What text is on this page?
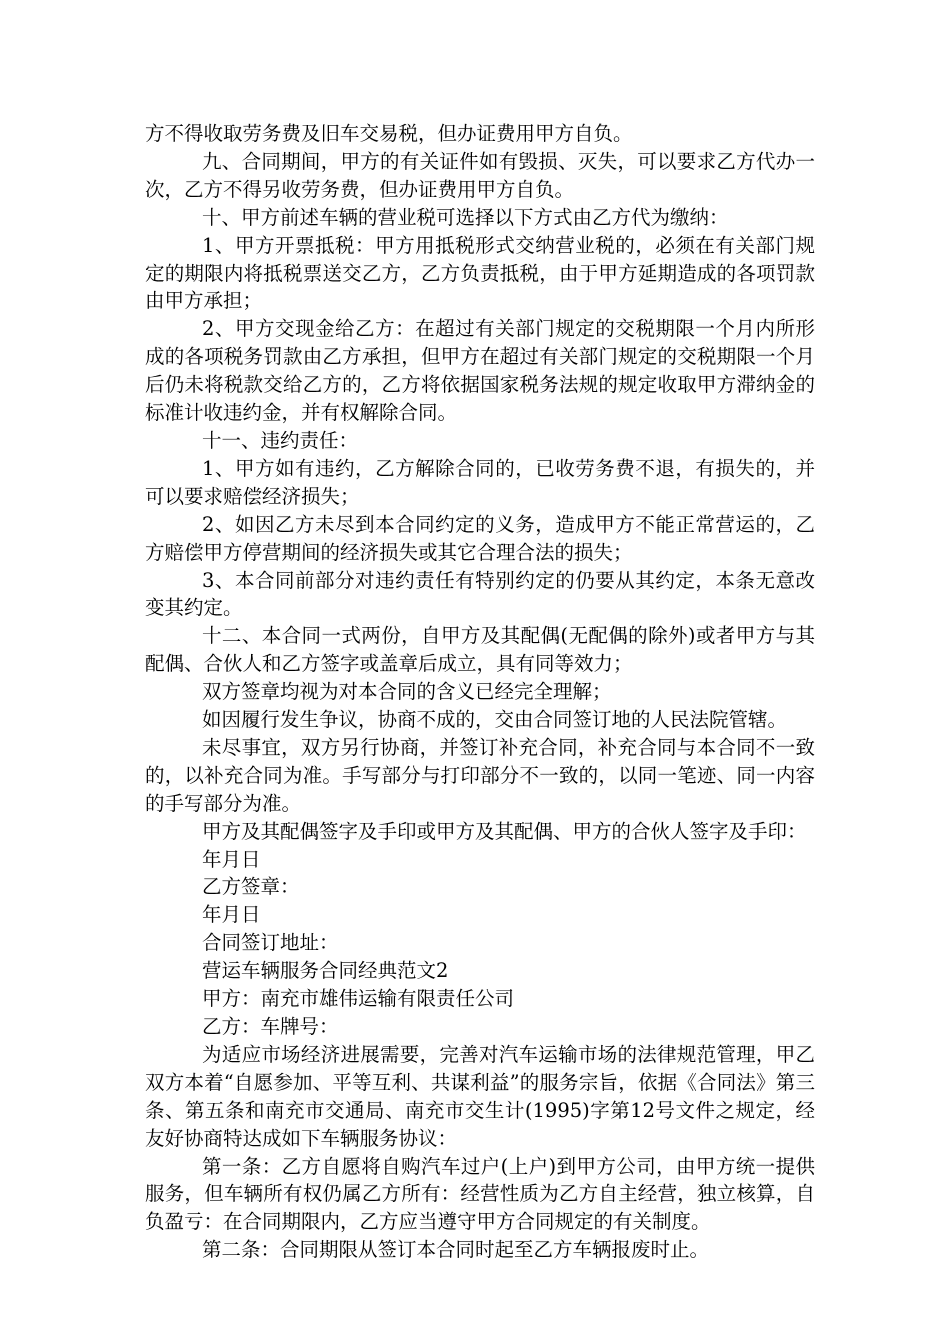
方不得收取劳务费及旧车交易税，但办证费用甲方自负。

九、合同期间，甲方的有关证件如有毁损、灭失，可以要求乙方代办一次，乙方不得另收劳务费，但办证费用甲方自负。

十、甲方前述车辆的营业税可选择以下方式由乙方代为缴纳：

1、甲方开票抵税：甲方用抵税形式交纳营业税的，必须在有关部门规定的期限内将抵税票送交乙方，乙方负责抵税，由于甲方延期造成的各项罚款由甲方承担；

2、甲方交现金给乙方：在超过有关部门规定的交税期限一个月内所形成的各项税务罚款由乙方承担，但甲方在超过有关部门规定的交税期限一个月后仍未将税款交给乙方的，乙方将依据国家税务法规的规定收取甲方滞纳金的标准计收违约金，并有权解除合同。

十一、违约责任：

1、甲方如有违约，乙方解除合同的，已收劳务费不退，有损失的，并可以要求赔偿经济损失；

2、如因乙方未尽到本合同约定的义务，造成甲方不能正常营运的，乙方赔偿甲方停营期间的经济损失或其它合理合法的损失；

3、本合同前部分对违约责任有特别约定的仍要从其约定，本条无意改变其约定。

十二、本合同一式两份，自甲方及其配偶(无配偶的除外)或者甲方与其配偶、合伙人和乙方签字或盖章后成立，具有同等效力；

双方签章均视为对本合同的含义已经完全理解；

如因履行发生争议，协商不成的，交由合同签订地的人民法院管辖。

未尽事宜，双方另行协商，并签订补充合同，补充合同与本合同不一致的，以补充合同为准。手写部分与打印部分不一致的，以同一笔迹、同一内容的手写部分为准。

甲方及其配偶签字及手印或甲方及其配偶、甲方的合伙人签字及手印：

年月日

乙方签章：

年月日

合同签订地址：

营运车辆服务合同经典范文2

甲方：南充市雄伟运输有限责任公司

乙方：车牌号：

为适应市场经济进展需要，完善对汽车运输市场的法律规范管理，甲乙双方本着“自愿参加、平等互利、共谋利益”的服务宗旨，依据《合同法》第三条、第五条和南充市交通局、南充市交生计(1995)字第12号文件之规定，经友好协商特达成如下车辆服务协议：

第一条：乙方自愿将自购汽车过户(上户)到甲方公司，由甲方统一提供服务，但车辆所有权仍属乙方所有：经营性质为乙方自主经营，独立核算，自负盈亏：在合同期限内，乙方应当遵守甲方合同规定的有关制度。

第二条：合同期限从签订本合同时起至乙方车辆报废时止。
